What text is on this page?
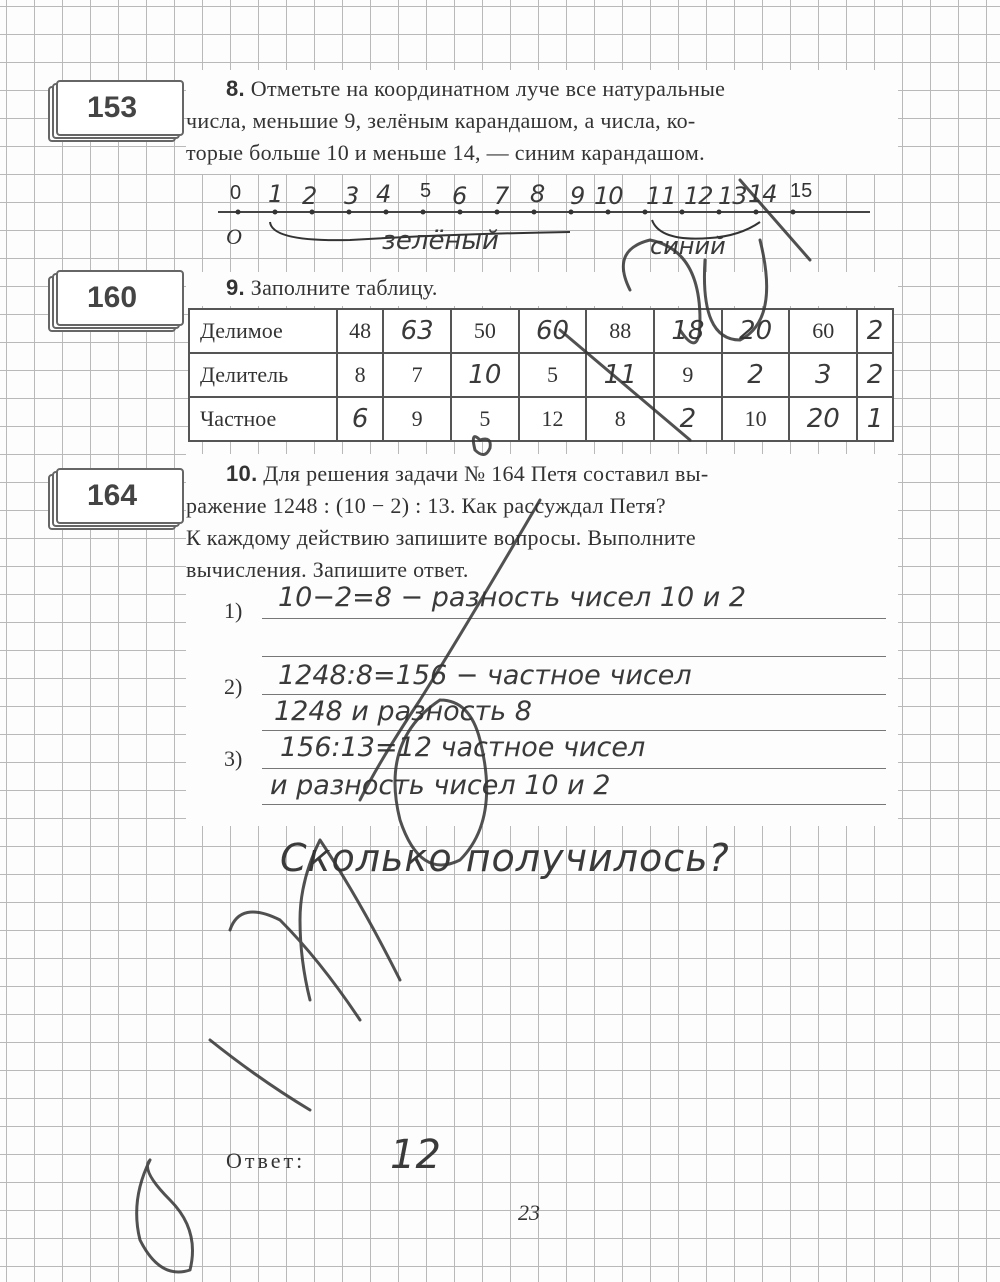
153
160
164
8. Отметьте на координатном луче все натуральные
числа, меньшие 9, зелёным карандашом, а числа, ко-
торые больше 10 и меньше 14, — синим карандашом.
0	5	15
O
1 2 3 4	6 7 8 9 10 11 12 13 14
зелёный	синий
9. Заполните таблицу.
Делимое	48	63	50	60	88	18	20	60	2
Делитель	8	7	10	5	11	9	2	3	2
Частное	6	9	5	12	8	2	10	20	1
10. Для решения задачи № 164 Петя составил вы-
ражение 1248 : (10 − 2) : 13. Как рассуждал Петя?
К каждому действию запишите вопросы. Выполните
вычисления. Запишите ответ.
1)
2)
3)
10−2=8 − разность чисел 10 и 2
1248:8=156 − частное чисел
1248 и разность 8
156:13=12 частное чисел
и разность чисел 10 и 2
Сколько получилось?
Ответ: 12
23
